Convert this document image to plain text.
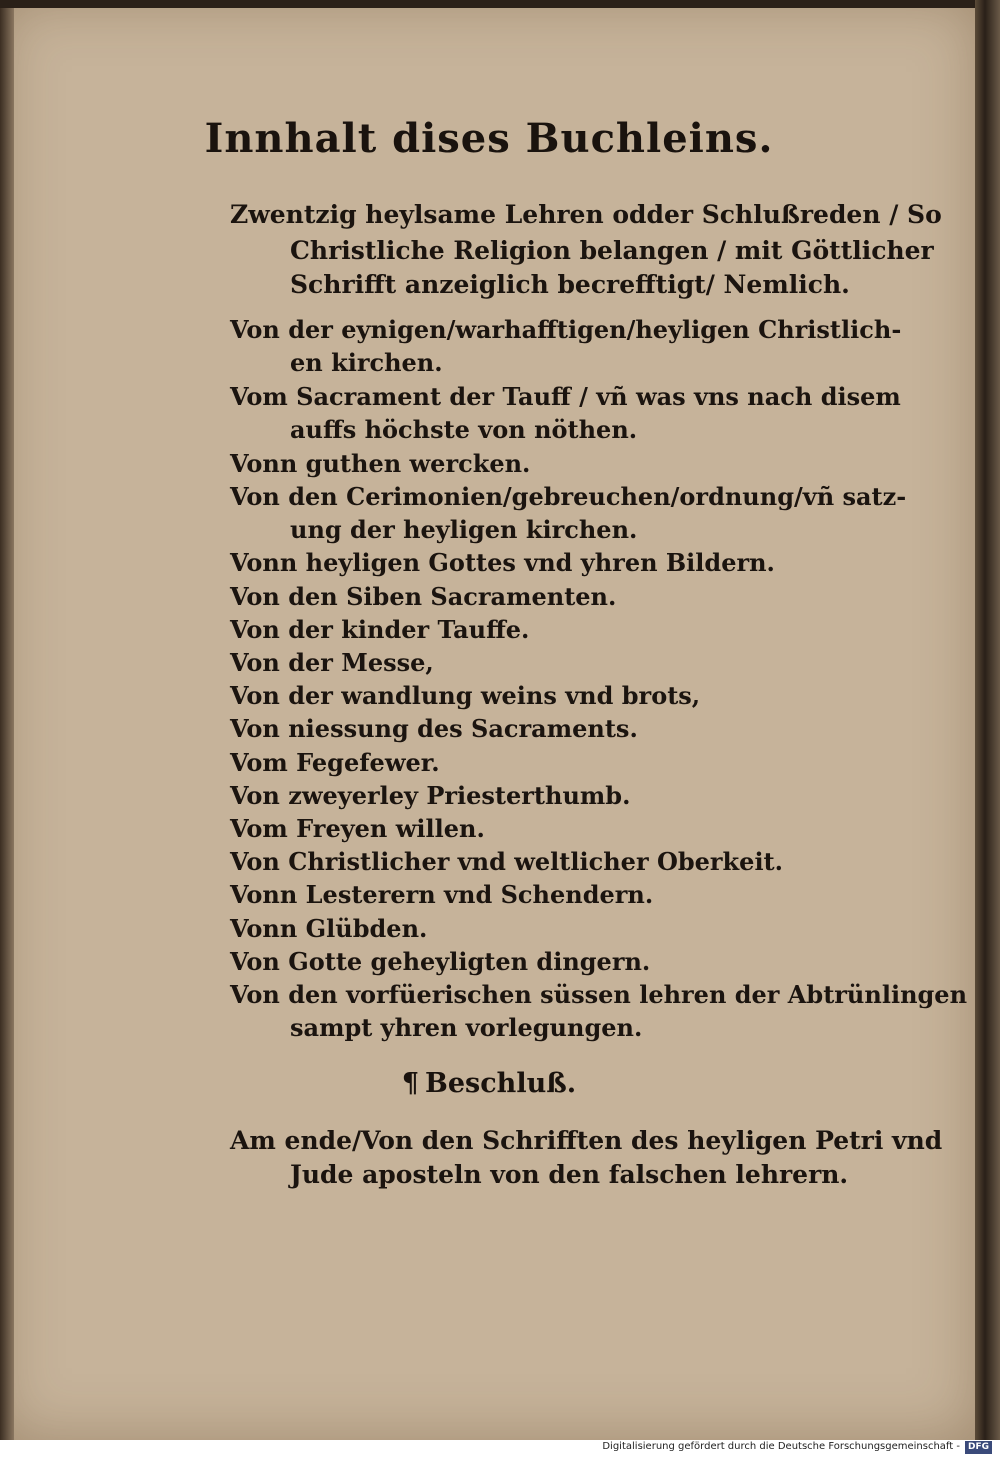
Innhalt dises Buchleins.
Zwentzig heylsame Lehren odder Schlußreden / So
Christliche Religion belangen / mit Göttlicher
Schrifft anzeiglich becrefftigt/ Nemlich.
Von der eynigen/warhafftigen/heyligen Christlich-
en kirchen.
Vom Sacrament der Tauff / vñ was vns nach disem
auffs höchste von nöthen.
Vonn guthen wercken.
Von den Cerimonien/gebreuchen/ordnung/vñ satz-
ung der heyligen kirchen.
Vonn heyligen Gottes vnd yhren Bildern.
Von den Siben Sacramenten.
Von der kinder Tauffe.
Von der Messe,
Von der wandlung weins vnd brots,
Von niessung des Sacraments.
Vom Fegefewer.
Von zweyerley Priesterthumb.
Vom Freyen willen.
Von Christlicher vnd weltlicher Oberkeit.
Vonn Lesterern vnd Schendern.
Vonn Glübden.
Von Gotte geheyligten dingern.
Von den vorfüerischen süssen lehren der Abtrünlingen
sampt yhren vorlegungen.
¶ Beschluß.
Am ende/Von den Schrifften des heyligen Petri vnd
Jude aposteln von den falschen lehrern.
Digitalisierung gefördert durch die Deutsche Forschungsgemeinschaft - DFG
